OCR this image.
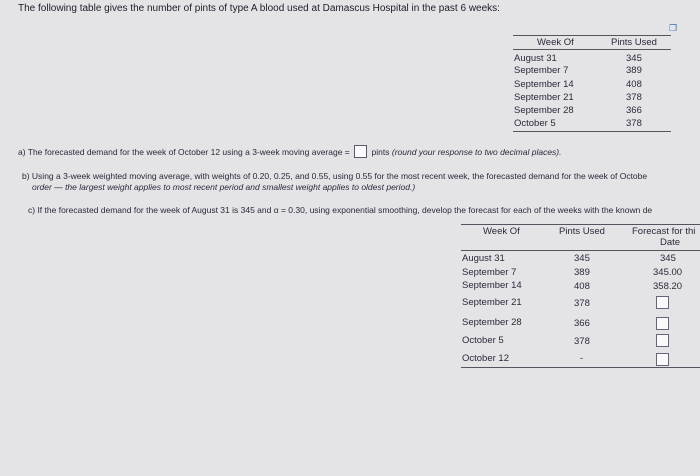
The following table gives the number of pints of type A blood used at Damascus Hospital in the past 6 weeks:
Week Of	Pints Used
August 31	345
September 7	389
September 14	408
September 21	378
September 28	366
October 5	378
❐
a) The forecasted demand for the week of October 12 using a 3-week moving average =	pints (round your response to two decimal places).
b) Using a 3-week weighted moving average, with weights of 0.20, 0.25, and 0.55, using 0.55 for the most recent week, the forecasted demand for the week of Octobe
order — the largest weight applies to most recent period and smallest weight applies to oldest period.)
c) If the forecasted demand for the week of August 31 is 345 and α = 0.30, using exponential smoothing, develop the forecast for each of the weeks with the known de
Week Of	Pints Used	Forecast for thi
Date
August 31	345	345
September 7	389	345.00
September 14	408	358.20
September 21	378
September 28	366
October 5	378
October 12	-
